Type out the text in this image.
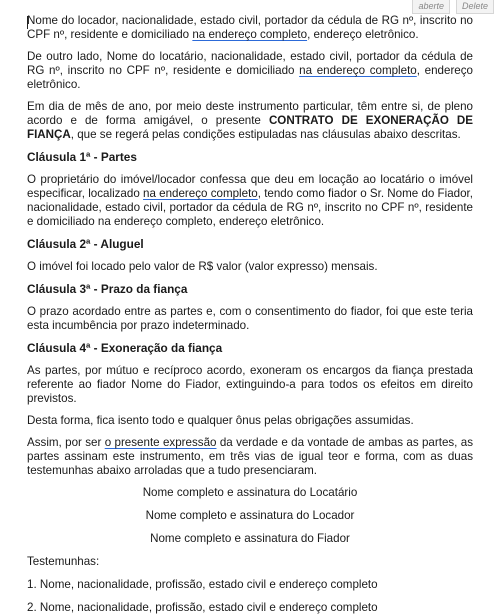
aberte	Delete

Nome do locador, nacionalidade, estado civil, portador da cédula de RG nº, inscrito no CPF nº, residente e domiciliado na endereço completo, endereço eletrônico.

De outro lado, Nome do locatário, nacionalidade, estado civil, portador da cédula de RG nº, inscrito no CPF nº, residente e domiciliado na endereço completo, endereço eletrônico.

Em dia de mês de ano, por meio deste instrumento particular, têm entre si, de pleno acordo e de forma amigável, o presente CONTRATO DE EXONERAÇÃO DE FIANÇA, que se regerá pelas condições estipuladas nas cláusulas abaixo descritas.

Cláusula 1ª - Partes

O proprietário do imóvel/locador confessa que deu em locação ao locatário o imóvel especificar, localizado na endereço completo, tendo como fiador o Sr. Nome do Fiador, nacionalidade, estado civil, portador da cédula de RG nº, inscrito no CPF nº, residente e domiciliado na endereço completo, endereço eletrônico.

Cláusula 2ª - Aluguel

O imóvel foi locado pelo valor de R$ valor (valor expresso) mensais.

Cláusula 3ª - Prazo da fiança

O prazo acordado entre as partes e, com o consentimento do fiador, foi que este teria esta incumbência por prazo indeterminado.

Cláusula 4ª - Exoneração da fiança

As partes, por mútuo e recíproco acordo, exoneram os encargos da fiança prestada referente ao fiador Nome do Fiador, extinguindo-a para todos os efeitos em direito previstos.

Desta forma, fica isento todo e qualquer ônus pelas obrigações assumidas.

Assim, por ser o presente expressão da verdade e da vontade de ambas as partes, as partes assinam este instrumento, em três vias de igual teor e forma, com as duas testemunhas abaixo arroladas que a tudo presenciaram.

Nome completo e assinatura do Locatário

Nome completo e assinatura do Locador

Nome completo e assinatura do Fiador

Testemunhas:

1. Nome, nacionalidade, profissão, estado civil e endereço completo

2. Nome, nacionalidade, profissão, estado civil e endereço completo
